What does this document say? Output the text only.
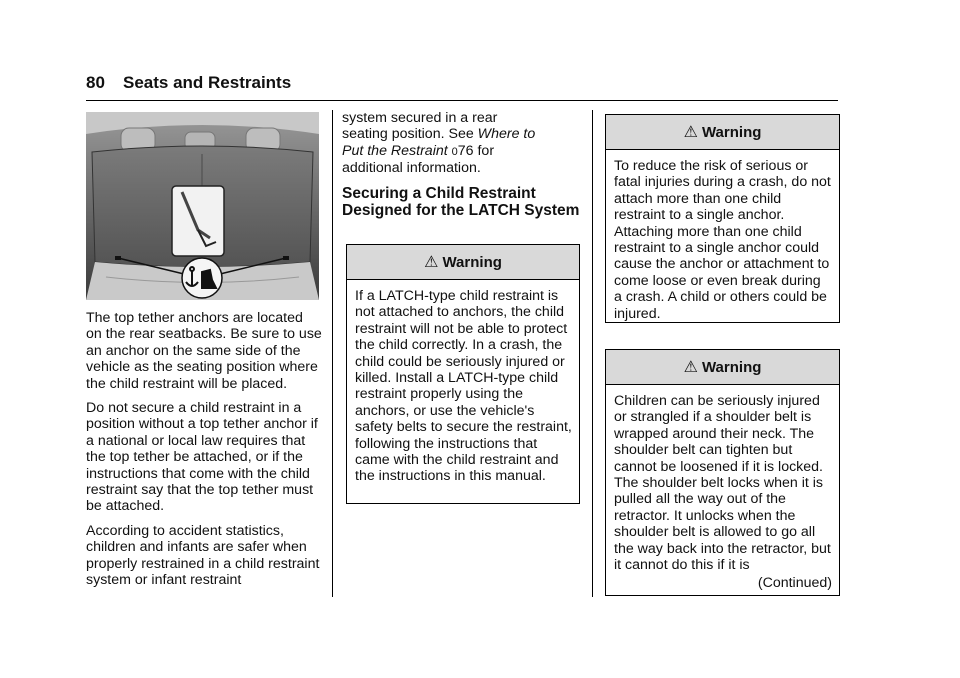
80 Seats and Restraints

The top tether anchors are located on the rear seatbacks. Be sure to use an anchor on the same side of the vehicle as the seating position where the child restraint will be placed.

Do not secure a child restraint in a position without a top tether anchor if a national or local law requires that the top tether be attached, or if the instructions that come with the child restraint say that the top tether must be attached.

According to accident statistics, children and infants are safer when properly restrained in a child restraint system or infant restraint

system secured in a rear seating position. See Where to Put the Restraint 076 for additional information.

Securing a Child Restraint Designed for the LATCH System
⚠ Warning
If a LATCH-type child restraint is not attached to anchors, the child restraint will not be able to protect the child correctly. In a crash, the child could be seriously injured or killed. Install a LATCH-type child restraint properly using the anchors, or use the vehicle's safety belts to secure the restraint, following the instructions that came with the child restraint and the instructions in this manual.
⚠ Warning
To reduce the risk of serious or fatal injuries during a crash, do not attach more than one child restraint to a single anchor. Attaching more than one child restraint to a single anchor could cause the anchor or attachment to come loose or even break during a crash. A child or others could be injured.
⚠ Warning
Children can be seriously injured or strangled if a shoulder belt is wrapped around their neck. The shoulder belt can tighten but cannot be loosened if it is locked. The shoulder belt locks when it is pulled all the way out of the retractor. It unlocks when the shoulder belt is allowed to go all the way back into the retractor, but it cannot do this if it is
(Continued)
